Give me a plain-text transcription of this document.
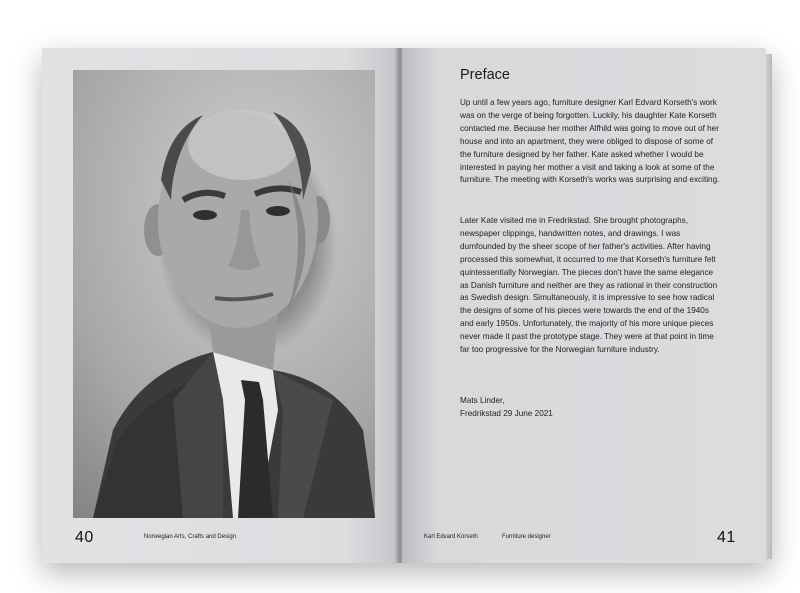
40	Norwegian Arts, Crafts and Design	Karl Edvard Korseth	Furniture designer	41
Preface

Up until a few years ago, furniture designer Karl Edvard Korseth's work was on the verge of being forgotten. Luckily, his daughter Kate Korseth contacted me. Because her mother Alfhild was going to move out of her house and into an apartment, they were obliged to dispose of some of the furniture designed by her father. Kate asked whether I would be interested in paying her mother a visit and taking a look at some of the furniture. The meeting with Korseth's works was surprising and exciting.

Later Kate visited me in Fredrikstad. She brought photographs, newspaper clippings, handwritten notes, and drawings. I was dumfounded by the sheer scope of her father's activities. After having processed this somewhat, it occurred to me that Korseth's furniture felt quintessentially Norwegian. The pieces don't have the same elegance as Danish furniture and neither are they as rational in their construction as Swedish design. Simultaneously, it is impressive to see how radical the designs of some of his pieces were towards the end of the 1940s and early 1950s. Unfortunately, the majority of his more unique pieces never made it past the prototype stage. They were at that point in time far too progressive for the Norwegian furniture industry.

Mats Linder,
Fredrikstad 29 June 2021
